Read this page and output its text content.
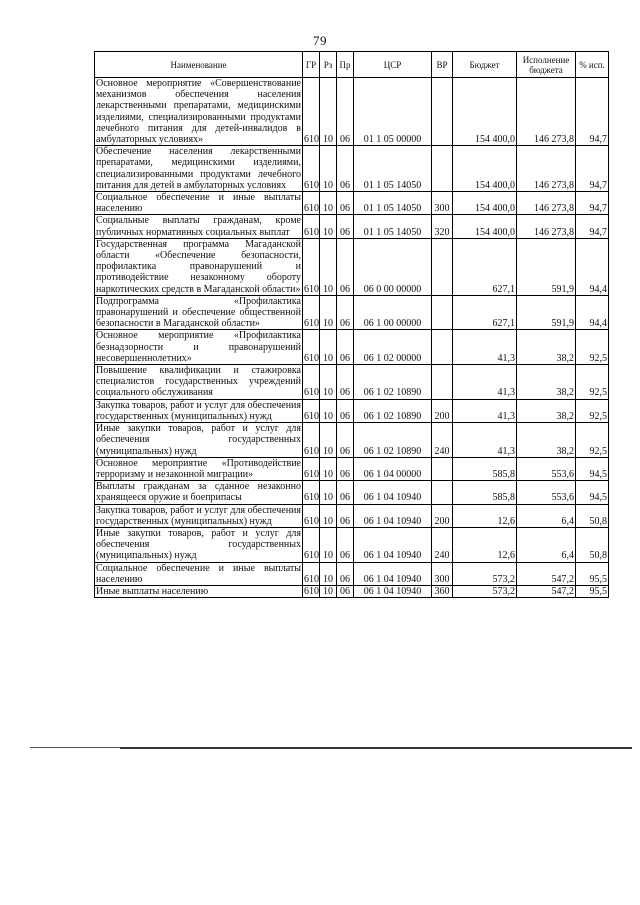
79
Наименование	ГР	Рз	Пр	ЦСР	ВР	Бюджет	Исполнение бюджета	% исп.
Основное мероприятие «Совершенствование механизмов обеспечения населения лекарственными препаратами, медицинскими изделиями, специализированными продуктами лечебного питания для детей-инвалидов в амбулаторных условиях»	610	10	06	01 1 05 00000		154 400,0	146 273,8	94,7
Обеспечение населения лекарственными препаратами, медицинскими изделиями, специализированными продуктами лечебного питания для детей в амбулаторных условиях	610	10	06	01 1 05 14050		154 400,0	146 273,8	94,7
Социальное обеспечение и иные выплаты населению	610	10	06	01 1 05 14050	300	154 400,0	146 273,8	94,7
Социальные выплаты гражданам, кроме публичных нормативных социальных выплат	610	10	06	01 1 05 14050	320	154 400,0	146 273,8	94,7
Государственная программа Магаданской области «Обеспечение безопасности, профилактика правонарушений и противодействие незаконному обороту наркотических средств в Магаданской области»	610	10	06	06 0 00 00000		627,1	591,9	94,4
Подпрограмма «Профилактика правонарушений и обеспечение общественной безопасности в Магаданской области»	610	10	06	06 1 00 00000		627,1	591,9	94,4
Основное мероприятие «Профилактика безнадзорности и правонарушений несовершеннолетних»	610	10	06	06 1 02 00000		41,3	38,2	92,5
Повышение квалификации и стажировка специалистов государственных учреждений социального обслуживания	610	10	06	06 1 02 10890		41,3	38,2	92,5
Закупка товаров, работ и услуг для обеспечения государственных (муниципальных) нужд	610	10	06	06 1 02 10890	200	41,3	38,2	92,5
Иные закупки товаров, работ и услуг для обеспечения государственных (муниципальных) нужд	610	10	06	06 1 02 10890	240	41,3	38,2	92,5
Основное мероприятие «Противодействие терроризму и незаконной миграции»	610	10	06	06 1 04 00000		585,8	553,6	94,5
Выплаты гражданам за сданное незаконно хранящееся оружие и боеприпасы	610	10	06	06 1 04 10940		585,8	553,6	94,5
Закупка товаров, работ и услуг для обеспечения государственных (муниципальных) нужд	610	10	06	06 1 04 10940	200	12,6	6,4	50,8
Иные закупки товаров, работ и услуг для обеспечения государственных (муниципальных) нужд	610	10	06	06 1 04 10940	240	12,6	6,4	50,8
Социальное обеспечение и иные выплаты населению	610	10	06	06 1 04 10940	300	573,2	547,2	95,5
Иные выплаты населению	610	10	06	06 1 04 10940	360	573,2	547,2	95,5
